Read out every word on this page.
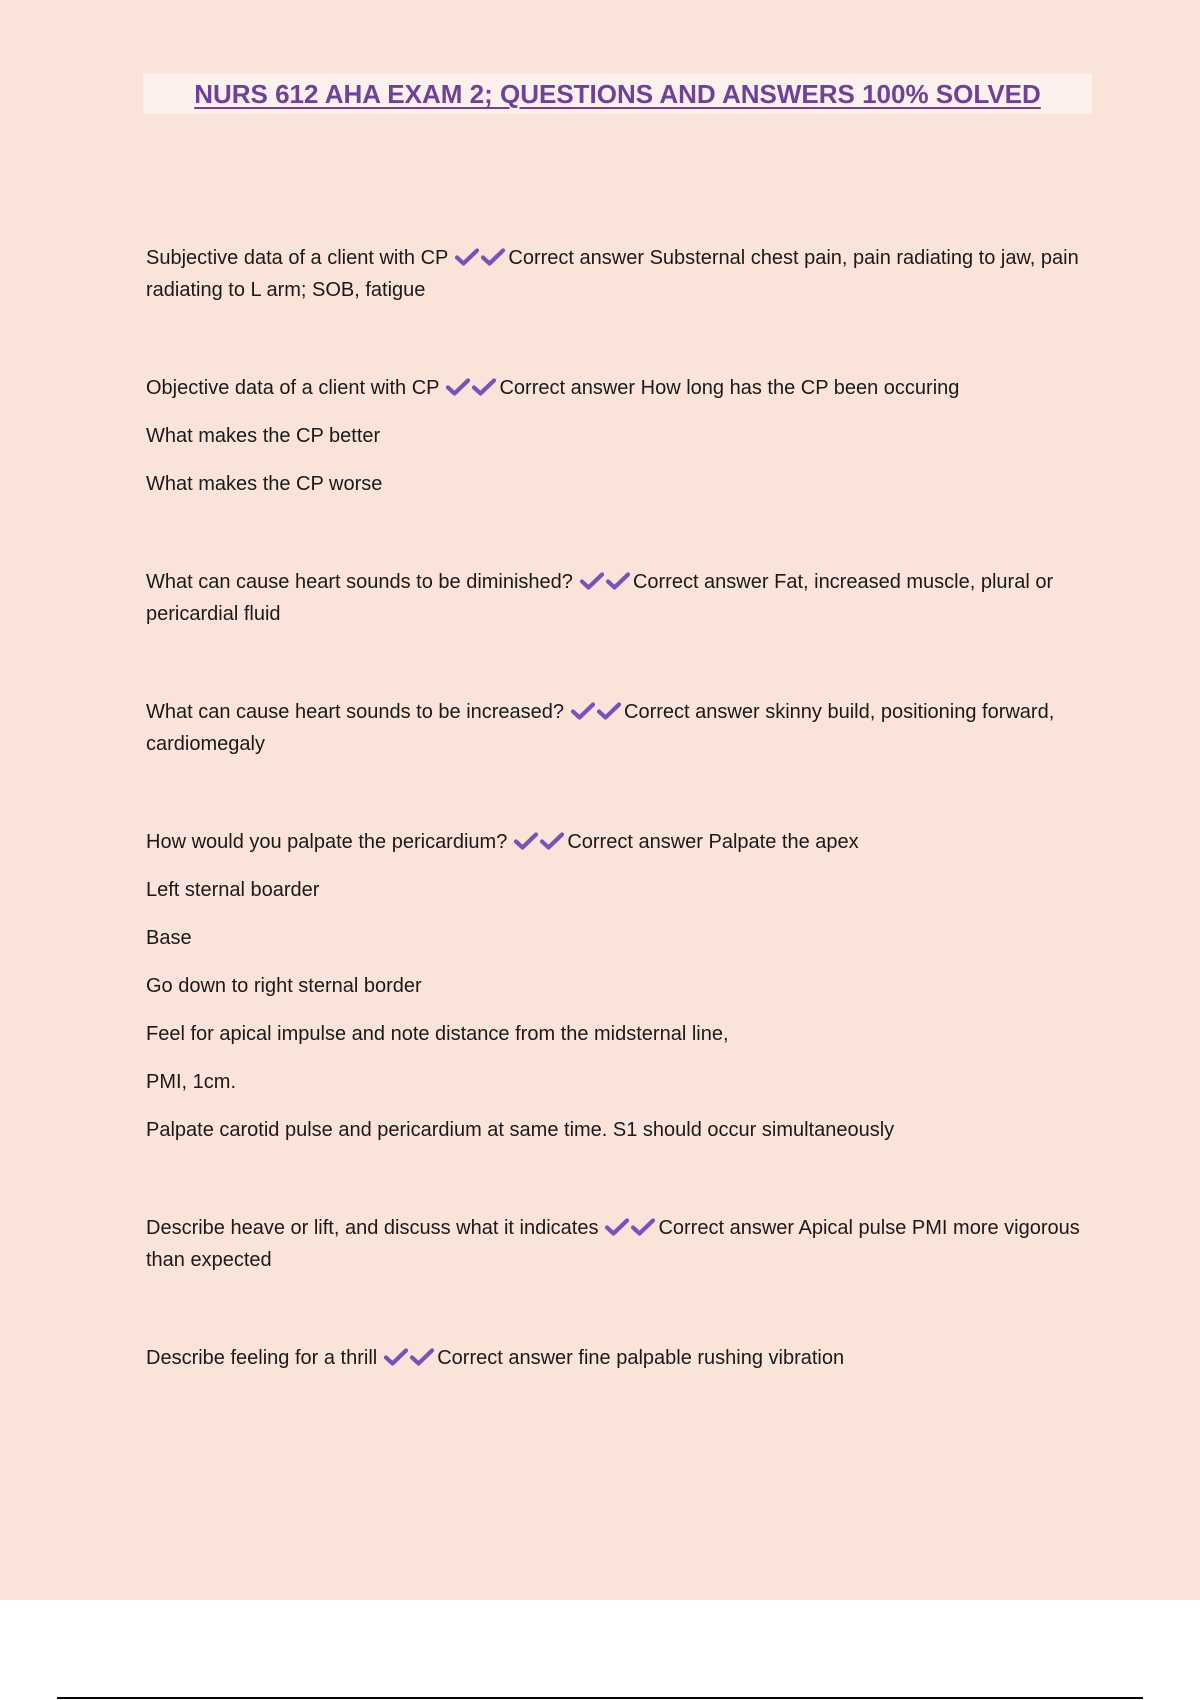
NURS 612 AHA EXAM 2; QUESTIONS AND ANSWERS 100% SOLVED

Subjective data of a client with CP	Correct answer Substernal chest pain, pain radiating to jaw, pain radiating to L arm; SOB, fatigue

Objective data of a client with CP	Correct answer How long has the CP been occuring

What makes the CP better
What makes the CP worse

What can cause heart sounds to be diminished?	Correct answer Fat, increased muscle, plural or pericardial fluid

What can cause heart sounds to be increased?	Correct answer skinny build, positioning forward, cardiomegaly

How would you palpate the pericardium?	Correct answer Palpate the apex

Left sternal boarder
Base
Go down to right sternal border
Feel for apical impulse and note distance from the midsternal line,
PMI, 1cm.
Palpate carotid pulse and pericardium at same time. S1 should occur simultaneously

Describe heave or lift, and discuss what it indicates	Correct answer Apical pulse PMI more vigorous than expected

Describe feeling for a thrill	Correct answer fine palpable rushing vibration
